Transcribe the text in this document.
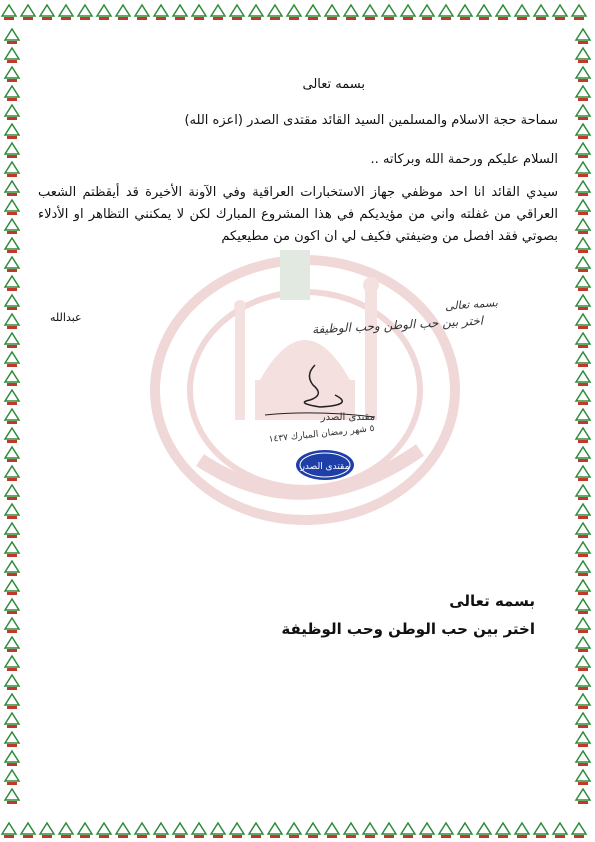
بسمه تعالى
سماحة حجة الاسلام والمسلمين السيد القائد مقتدى الصدر (اعزه الله)
السلام عليكم ورحمة الله وبركاته ..
سيدي القائد انا احد موظفي جهاز الاستخبارات العراقية وفي الآونة الأخيرة قد أيقظتم الشعب العراقي من غفلته واني من مؤيديكم في هذا المشروع المبارك لكن لا يمكنني التظاهر او الأدلاء بصوتي فقد افصل من وضيفتي فكيف لي ان اكون من مطيعيكم
عبدالله
بسمه تعالى
اختر بين حب الوطن وحب الوظيفة
مقتدى الصدر
٥ شهر رمضان المبارك ١٤٣٧
مقتدى الصدر
بسمه تعالى
اختر بين حب الوطن وحب الوظيفة
